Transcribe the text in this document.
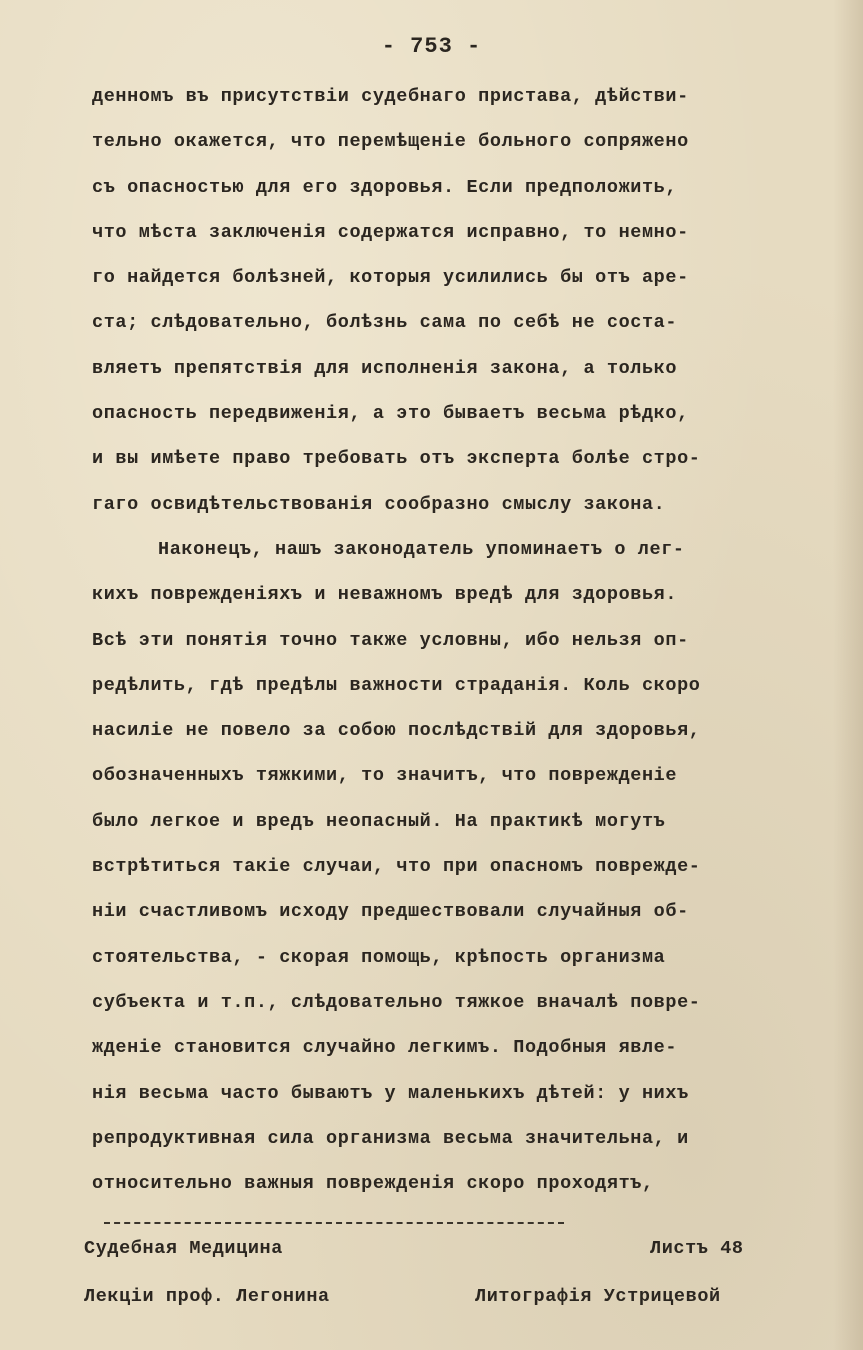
- 753 -
денномъ въ присутствіи судебнаго пристава, дѣйстви-
тельно окажется, что перемѣщеніе больного сопряжено
съ опасностью для его здоровья. Если предположить,
что мѣста заключенія содержатся исправно, то немно-
го найдется болѣзней, которыя усилились бы отъ аре-
ста; слѣдовательно, болѣзнь сама по себѣ не соста-
вляетъ препятствія для исполненія закона, а только
опасность передвиженія, а это бываетъ весьма рѣдко,
и вы имѣете право требовать отъ эксперта болѣе стро-
гаго освидѣтельствованія сообразно смыслу закона.
Наконецъ, нашъ законодатель упоминаетъ о лег-
кихъ поврежденіяхъ и неважномъ вредѣ для здоровья.
Всѣ эти понятія точно также условны, ибо нельзя оп-
редѣлить, гдѣ предѣлы важности страданія. Коль скоро
насиліе не повело за собою послѣдствій для здоровья,
обозначенныхъ тяжкими, то значитъ, что поврежденіе
было легкое и вредъ неопасный. На практикѣ могутъ
встрѣтиться такіе случаи, что при опасномъ поврежде-
ніи счастливомъ исходу предшествовали случайныя об-
стоятельства, - скорая помощь, крѣпость организма
субъекта и т.п., слѣдовательно тяжкое вначалѣ повре-
жденіе становится случайно легкимъ. Подобныя явле-
нія весьма часто бываютъ у маленькихъ дѣтей: у нихъ
репродуктивная сила организма весьма значительна, и
относительно важныя поврежденія скоро проходятъ,
Судебная Медицина	Листъ 48
Лекціи проф. Легонина	Литографія Устрицевой
